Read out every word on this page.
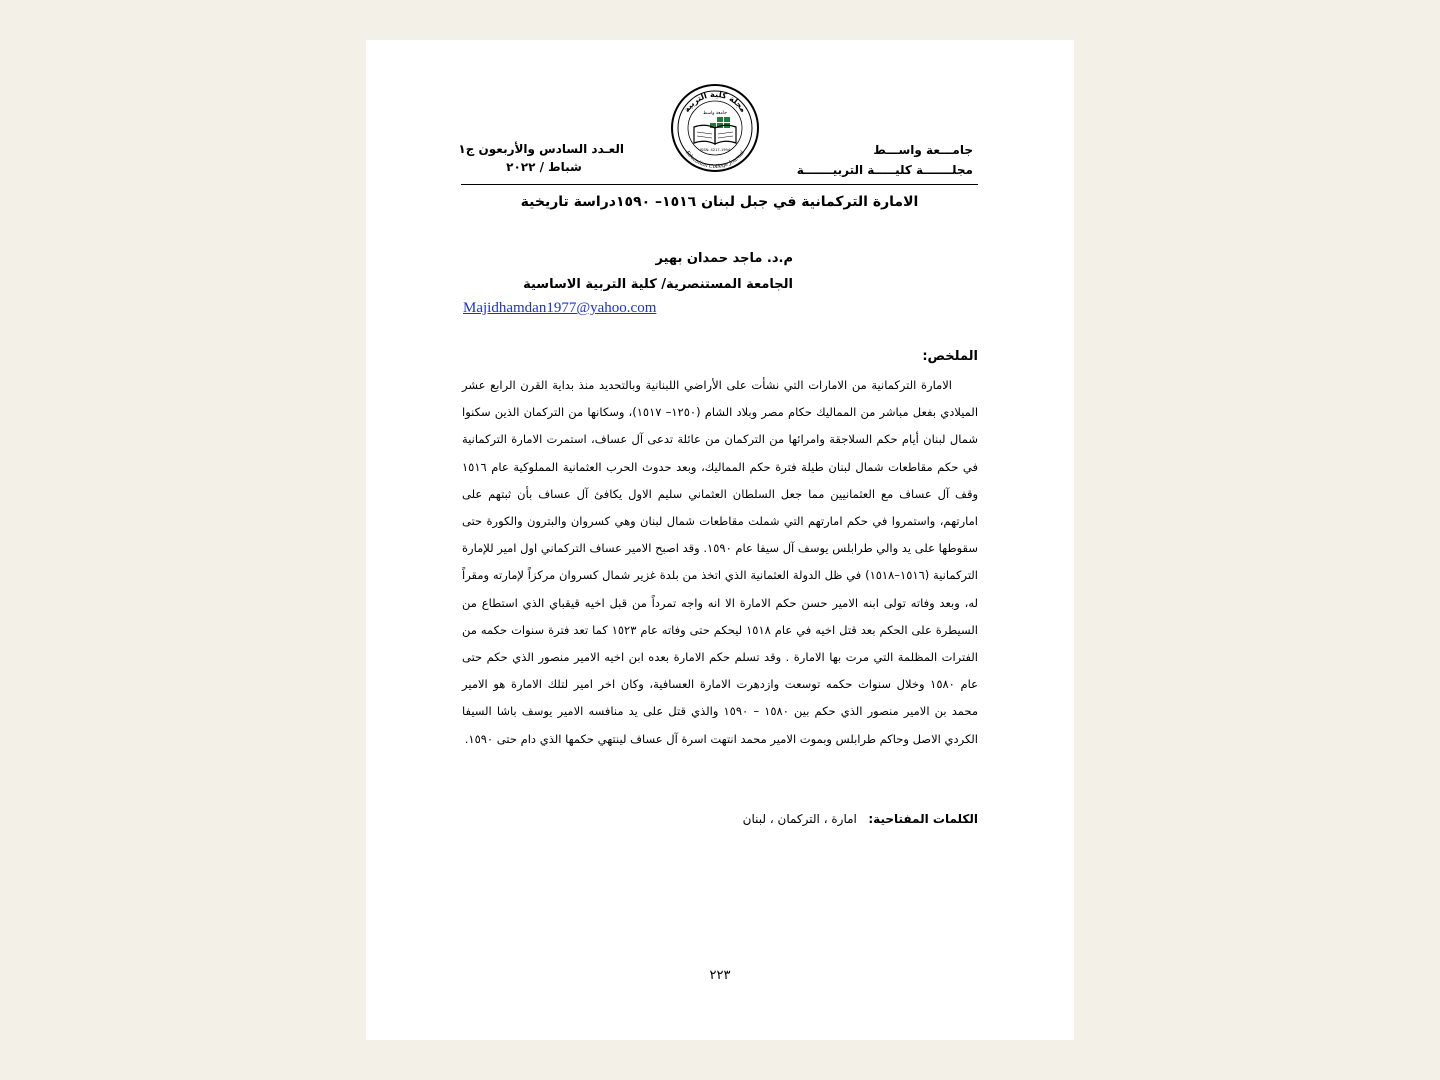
جامـــعة واســـط
مجلـــــــة كليـــــة التربيـــــــة
مجلة كلية التربية
Education College Journal
جامعة واسط
ISSN: 4217-1994
العـدد السادس والأربعون ج١
شباط / ٢٠٢٢
الامارة التركمانية في جبل لبنان ١٥١٦– ١٥٩٠دراسة تاريخية
م.د. ماجد حمدان بهير
الجامعة المستنصرية/ كلية التربية الاساسية
Majidhamdan1977@yahoo.com
الملخص:
الامارة التركمانية من الامارات التي نشأت على الأراضي اللبنانية وبالتحديد منذ بداية القرن الرابع عشر الميلادي بفعل مباشر من المماليك حكام مصر وبلاد الشام (١٢٥٠– ١٥١٧)، وسكانها من التركمان الذين سكنوا شمال لبنان أيام حكم السلاجقة وامرائها من التركمان من عائلة تدعى آل عساف، استمرت الامارة التركمانية في حكم مقاطعات شمال لبنان طيلة فترة حكم المماليك، وبعد حدوث الحرب العثمانية المملوكية عام ١٥١٦ وقف آل عساف مع العثمانيين مما جعل السلطان العثماني سليم الاول يكافئ آل عساف بأن ثبتهم على امارتهم، واستمروا في حكم امارتهم التي شملت مقاطعات شمال لبنان وهي كسروان والبترون والكورة حتى سقوطها على يد والي طرابلس يوسف آل سيفا عام ١٥٩٠. وقد اصبح الامير عساف التركماني اول امير للإمارة التركمانية (١٥١٦–١٥١٨) في ظل الدولة العثمانية الذي اتخذ من بلدة غزير شمال كسروان مركزاً لإمارته ومقراً له، وبعد وفاته تولى ابنه الامير حسن حكم الامارة الا انه واجه تمرداً من قبل اخيه قيقباي الذي استطاع من السيطرة على الحكم بعد قتل اخيه في عام ١٥١٨ ليحكم حتى وفاته عام ١٥٢٣ كما تعد فترة سنوات حكمه من الفترات المظلمة التي مرت بها الامارة . وقد تسلم حكم الامارة بعده ابن اخيه الامير منصور الذي حكم حتى عام ١٥٨٠ وخلال سنوات حكمه توسعت وازدهرت الامارة العسافية، وكان اخر امير لتلك الامارة هو الامير محمد بن الامير منصور الذي حكم بين ١٥٨٠ – ١٥٩٠ والذي قتل على يد منافسه الامير يوسف باشا السيفا الكردي الاصل وحاكم طرابلس وبموت الامير محمد انتهت اسرة آل عساف لينتهي حكمها الذي دام حتى ١٥٩٠.
الكلمات المفتاحية:   امارة ، التركمان ، لبنان
٢٢٣
